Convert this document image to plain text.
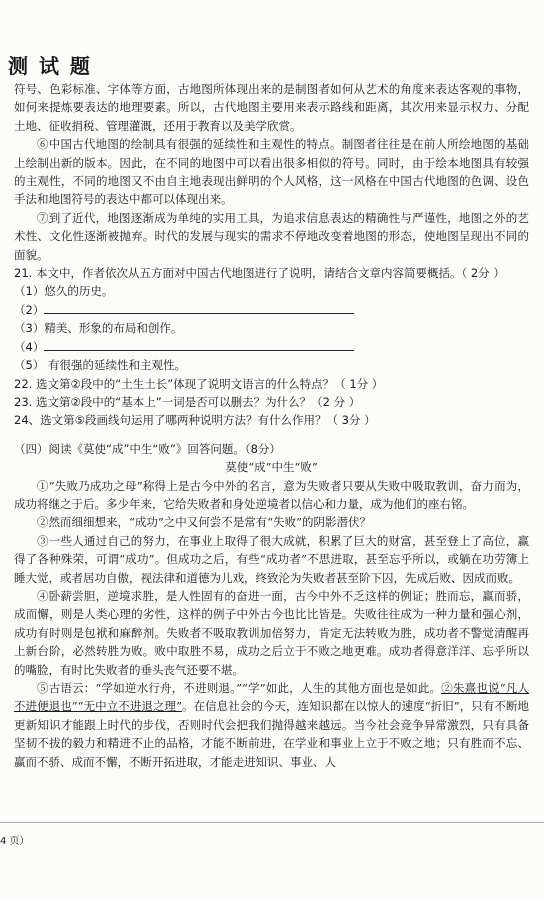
测 试 题

符号、色彩标准、字体等方面，古地图所体现出来的是制图者如何从艺术的角度来表达客观的事物，如何来提炼要表达的地理要素。所以，古代地图主要用来表示路线和距离，其次用来显示权力、分配土地、征收捐税、管理灌溉，还用于教育以及美学欣赏。

⑥中国古代地图的绘制具有很强的延续性和主观性的特点。制图者往往是在前人所绘地图的基础上绘制出新的版本。因此，在不同的地图中可以看出很多相似的符号。同时，由于绘本地图具有较强的主观性，不同的地图又不由自主地表现出鲜明的个人风格，这一风格在中国古代地图的色调、设色手法和地图符号的表达中都可以体现出来。

⑦到了近代，地图逐渐成为单纯的实用工具，为追求信息表达的精确性与严谨性，地图之外的艺术性、文化性逐渐被抛弃。时代的发展与现实的需求不停地改变着地图的形态，使地图呈现出不同的面貌。

21. 本文中，作者依次从五方面对中国古代地图进行了说明，请结合文章内容简要概括。（ 2分 ）

（1）悠久的历史。

（2）

（3）精美、形象的布局和创作。

（4）

（5） 有很强的延续性和主观性。

22. 选文第②段中的“土生土长”体现了说明文语言的什么特点？（ 1分 ）

23. 选文第②段中的“基本上”一词是否可以删去？为什么？（2 分 ）

24、选文第⑤段画线句运用了哪两种说明方法？有什么作用？（ 3分 ）

（四）阅读《莫使“成”中生“败”》回答问题。（8分）

莫使“成”中生“败”

①“失败乃成功之母”称得上是古今中外的名言，意为失败者只要从失败中吸取教训，奋力而为，成功将继之于后。多少年来，它给失败者和身处逆境者以信心和力量，成为他们的座右铭。

②然而细细想来，“成功”之中又何尝不是常有“失败”的阴影潜伏？

③一些人通过自己的努力，在事业上取得了很大成就，积累了巨大的财富，甚至登上了高位，赢得了各种殊荣，可谓“成功”。但成功之后，有些“成功者”不思进取，甚至忘乎所以，或躺在功劳簿上睡大觉，或者居功自傲，视法律和道德为儿戏，终致沦为失败者甚至阶下囚，先成后败、因成而败。

④卧薪尝胆，逆境求胜，是人性固有的奋进一面，古今中外不乏这样的例证；胜而忘，赢而骄，成而懈，则是人类心理的劣性，这样的例子中外古今也比比皆是。失败往往成为一种力量和强心剂，成功有时则是包袱和麻醉剂。失败者不吸取教训加倍努力，肯定无法转败为胜，成功者不警觉清醒再上新台阶，必然转胜为败。败中取胜不易，成功之后立于不败之地更难。成功者得意洋洋、忘乎所以的嘴脸，有时比失败者的垂头丧气还要不堪。

⑤古语云：“学如逆水行舟，不进则退。”“学”如此，人生的其他方面也是如此。②朱熹也说“凡人不进便退也”“无中立不进退之理”。在信息社会的今天，连知识都在以惊人的速度“折旧”，只有不断地更新知识才能跟上时代的步伐，否则时代会把我们抛得越来越远。当今社会竞争异常激烈，只有具备坚韧不拔的毅力和精进不止的品格，才能不断前进，在学业和事业上立于不败之地；只有胜而不忘、赢而不骄、成而不懈，不断开拓进取，才能走进知识、事业、人

4 页）
